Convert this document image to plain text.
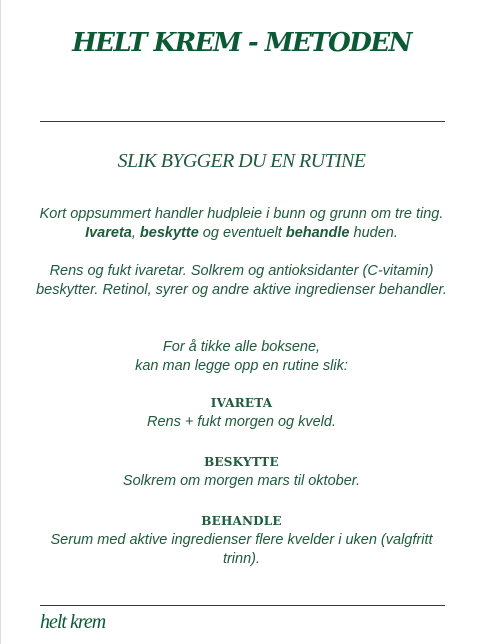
HELT KREM - METODEN
SLIK BYGGER DU EN RUTINE
Kort oppsummert handler hudpleie i bunn og grunn om tre ting. Ivareta, beskytte og eventuelt behandle huden.
Rens og fukt ivaretar. Solkrem og antioksidanter (C-vitamin) beskytter. Retinol, syrer og andre aktive ingredienser behandler.
For å tikke alle boksene,
kan man legge opp en rutine slik:
IVARETA
Rens + fukt morgen og kveld.
BESKYTTE
Solkrem om morgen mars til oktober.
BEHANDLE
Serum med aktive ingredienser flere kvelder i uken (valgfritt trinn).
helt krem
